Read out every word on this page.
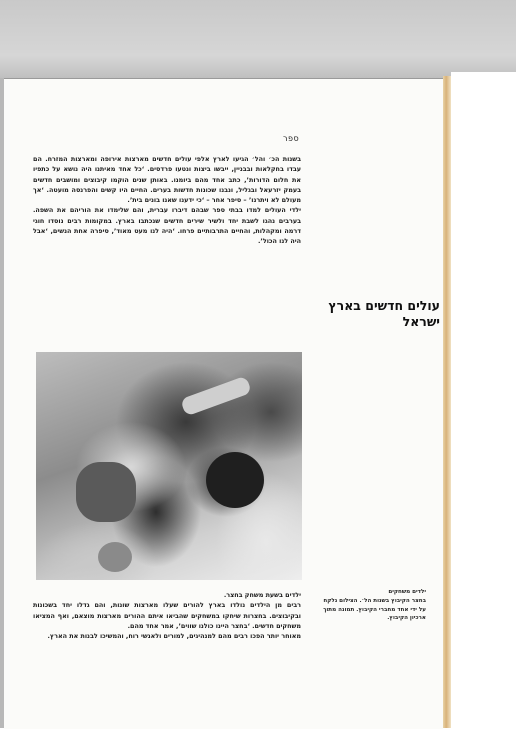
ספר

בשנות הכ׳ והל׳ הגיעו לארץ אלפי עולים חדשים מארצות אירופה ומארצות המזרח. הם עבדו בחקלאות ובבניין, ייבשו ביצות ונטעו פרדסים. ‘כל אחד מאיתנו היה נושא על כתפיו את חלום הדורות’, כתב אחד מהם ביומנו. באותן שנים הוקמו קיבוצים ומושבים חדשים בעמק יזרעאל ובגליל, ונבנו שכונות חדשות בערים. החיים היו קשים והפרנסה מועטה. ‘אך מעולם לא ויתרנו’ – סיפר אחר – ‘כי ידענו שאנו בונים בית’.

ילדי העולים למדו בבתי ספר שבהם דיברו עברית, והם שלימדו את הוריהם את השפה. בערבים נהגו לשבת יחד ולשיר שירים חדשים שנכתבו בארץ. במקומות רבים נוסדו חוגי דרמה ומקהלות, והחיים התרבותיים פרחו. ‘היה לנו מעט מאוד’, סיפרה אחת הנשים, ‘אבל היה לנו הכול’.

עולים חדשים בארץ ישראל

ילדים בשעת משחק בחצר.

רבים מן הילדים נולדו בארץ להורים שעלו מארצות שונות, והם גדלו יחד בשכונות ובקיבוצים. בחצרות שיחקו במשחקים שהביאו איתם ההורים מארצות מוצאם, ואף המציאו משחקים חדשים. ‘בחצר היינו כולנו שווים’, אמר אחד מהם.

מאוחר יותר הפכו רבים מהם למנהיגים, למורים ולאנשי רוח, והמשיכו לבנות את הארץ.

ילדים משחקים

בחצר הקיבוץ בשנות הל׳. הצילום נלקח על ידי אחד מחברי הקיבוץ. תמונה מתוך ארכיון הקיבוץ.
